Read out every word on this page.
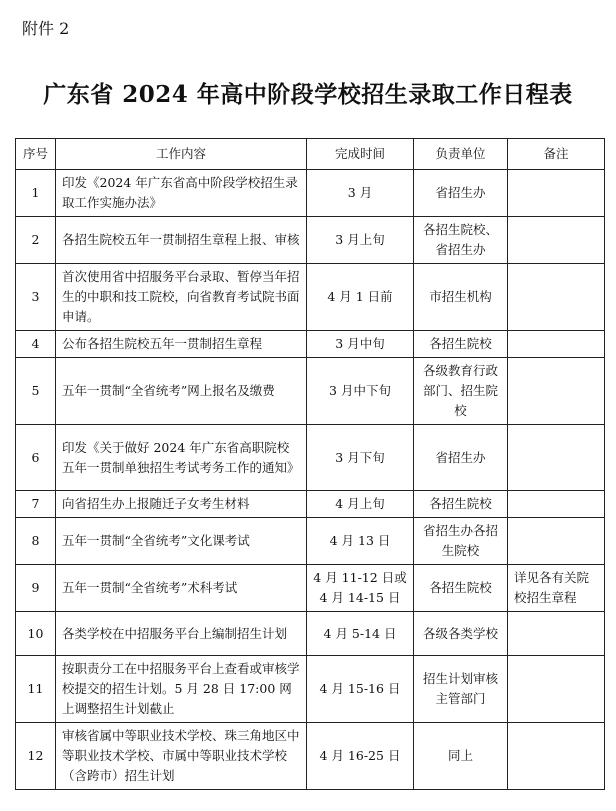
附件 2
广东省 2024 年高中阶段学校招生录取工作日程表
序号	工作内容	完成时间	负责单位	备注
1	印发《2024 年广东省高中阶段学校招生录取工作实施办法》	3 月	省招生办	
2	各招生院校五年一贯制招生章程上报、审核	3 月上旬	各招生院校、省招生办	
3	首次使用省中招服务平台录取、暂停当年招生的中职和技工院校，向省教育考试院书面申请。	4 月 1 日前	市招生机构	
4	公布各招生院校五年一贯制招生章程	3 月中旬	各招生院校	
5	五年一贯制“全省统考”网上报名及缴费	3 月中下旬	各级教育行政部门、招生院校	
6	印发《关于做好 2024 年广东省高职院校五年一贯制单独招生考试考务工作的通知》	3 月下旬	省招生办	
7	向省招生办上报随迁子女考生材料	4 月上旬	各招生院校	
8	五年一贯制“全省统考”文化课考试	4 月 13 日	省招生办各招生院校	
9	五年一贯制“全省统考”术科考试	4 月 11-12 日或4 月 14-15 日	各招生院校	详见各有关院校招生章程
10	各类学校在中招服务平台上编制招生计划	4 月 5-14 日	各级各类学校	
11	按职责分工在中招服务平台上查看或审核学校提交的招生计划。5 月 28 日 17:00 网上调整招生计划截止	4 月 15-16 日	招生计划审核主管部门	
12	审核省属中等职业技术学校、珠三角地区中等职业技术学校、市属中等职业技术学校（含跨市）招生计划	4 月 16-25 日	同上	
